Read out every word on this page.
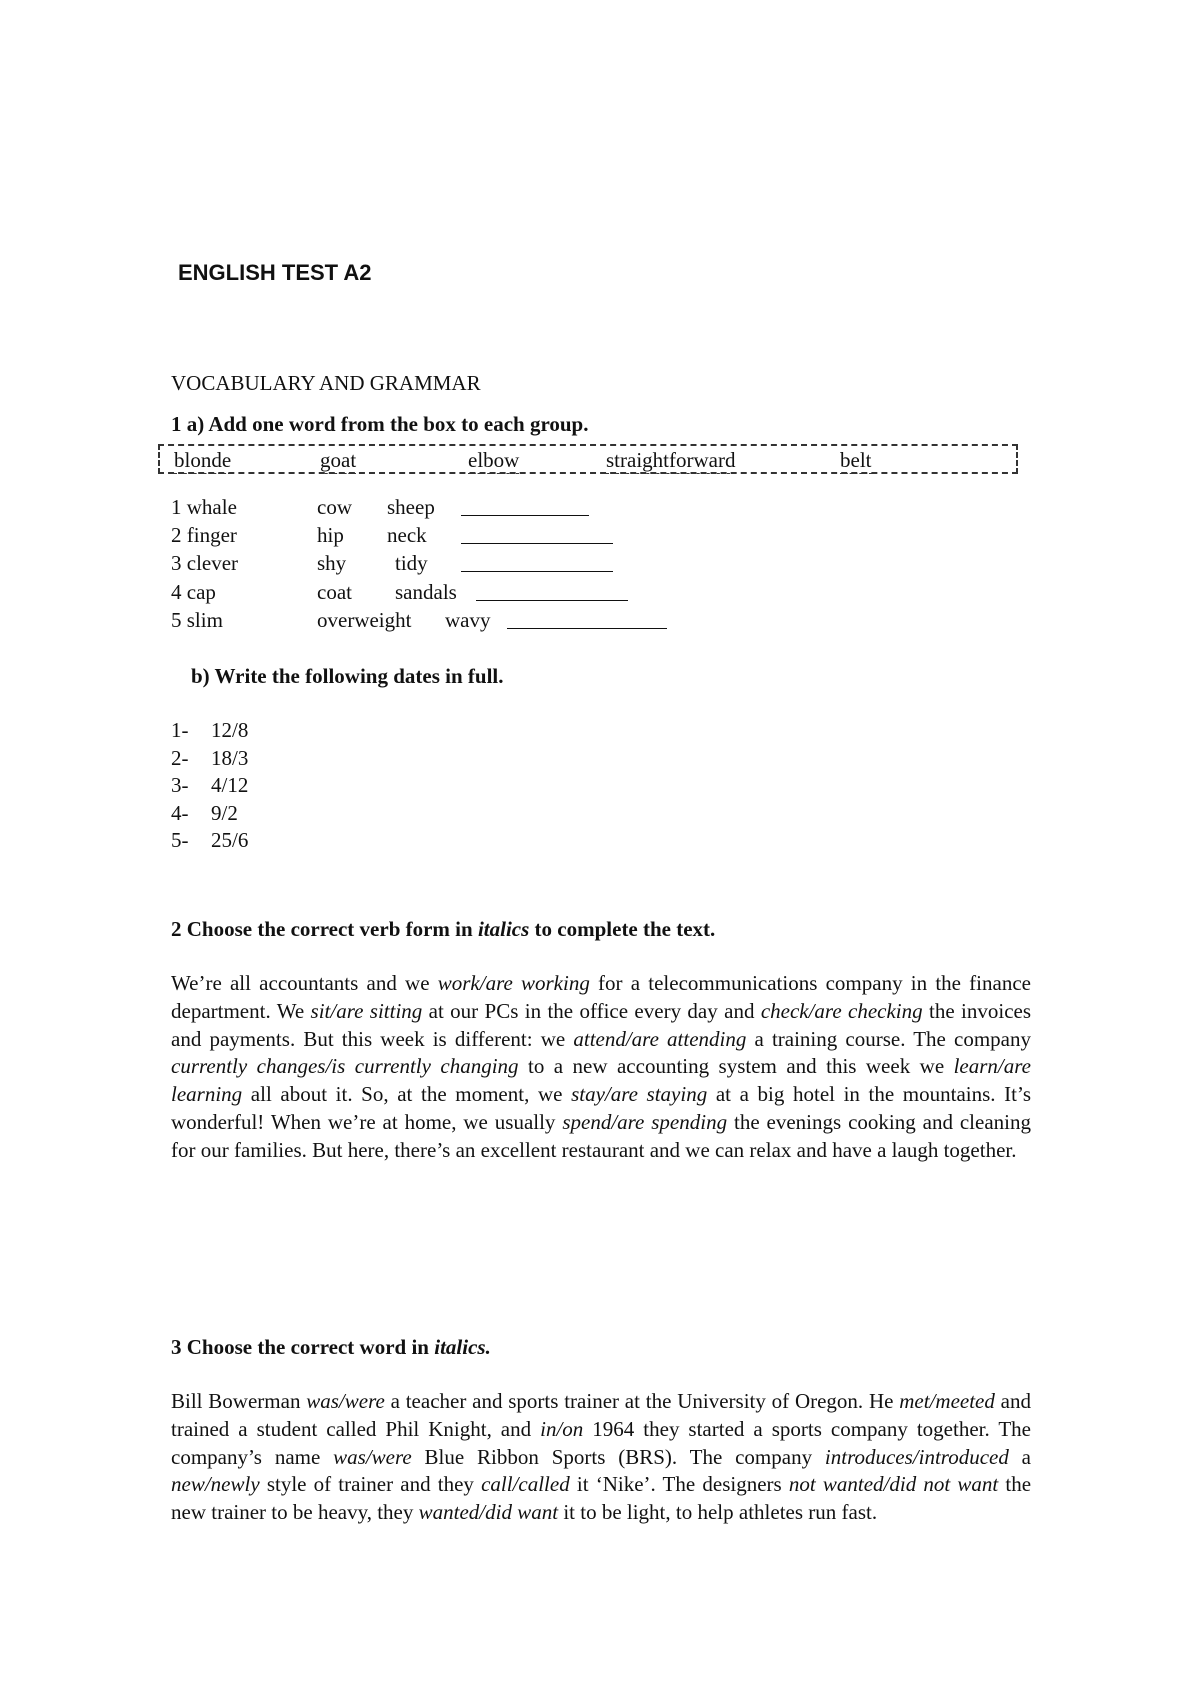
ENGLISH TEST A2
VOCABULARY AND GRAMMAR
1 a) Add one word from the box to each group.
blonde	goat	elbow	straightforward	belt
1 whale	cow sheep
2 finger	hip neck
3 clever	shy tidy
4 cap	coat sandals
5 slim	overweight wavy
b) Write the following dates in full.
1- 12/8
2- 18/3
3- 4/12
4- 9/2
5- 25/6
2 Choose the correct verb form in italics to complete the text.
We’re all accountants and we work/are working for a telecommunications company in the finance department. We sit/are sitting at our PCs in the office every day and check/are checking the invoices and payments. But this week is different: we attend/are attending a training course. The company currently changes/is currently changing to a new accounting system and this week we learn/are learning all about it. So, at the moment, we stay/are staying at a big hotel in the mountains. It’s wonderful! When we’re at home, we usually spend/are spending the evenings cooking and cleaning for our families. But here, there’s an excellent restaurant and we can relax and have a laugh together.
3 Choose the correct word in italics.
Bill Bowerman was/were a teacher and sports trainer at the University of Oregon. He met/meeted and trained a student called Phil Knight, and in/on 1964 they started a sports company together. The company’s name was/were Blue Ribbon Sports (BRS). The company introduces/introduced a new/newly style of trainer and they call/called it ‘Nike’. The designers not wanted/did not want the new trainer to be heavy, they wanted/did want it to be light, to help athletes run fast.
